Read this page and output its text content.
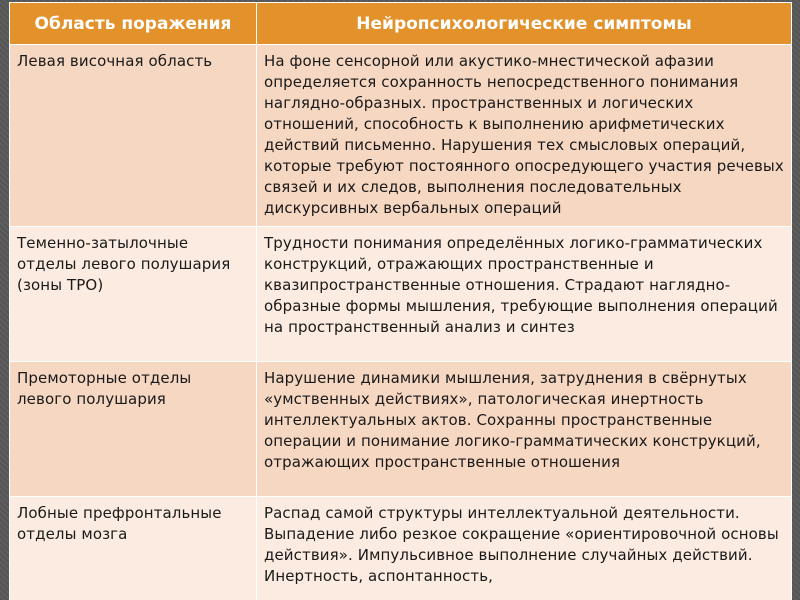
Область поражения	Нейропсихологические симптомы
Левая височная область	На фоне сенсорной или акустико-мнестической афазии определяется сохранность непосредственного понимания наглядно-образных. пространственных и логических отношений, способность к выполнению арифметических действий письменно. Нарушения тех смысловых операций, которые требуют постоянного опосредующего участия речевых связей и их следов, выполнения последовательных дискурсивных вербальных операций
Теменно-затылочные отделы левого полушария (зоны ТРО)	Трудности понимания определённых логико-грамматических конструкций, отражающих пространственные и квазипространственные отношения. Страдают наглядно-образные формы мышления, требующие выполнения операций на пространственный анализ и синтез
Премоторные отделы левого полушария	Нарушение динамики мышления, затруднения в свёрнутых «умственных действиях», патологическая инертность интеллектуальных актов. Сохранны пространственные операции и понимание логико-грамматических конструкций, отражающих пространственные отношения
Лобные префронтальные отделы мозга	Распад самой структуры интеллектуальной деятельности. Выпадение либо резкое сокращение «ориентировочной основы действия». Импульсивное выполнение случайных действий. Инертность, аспонтанность,
